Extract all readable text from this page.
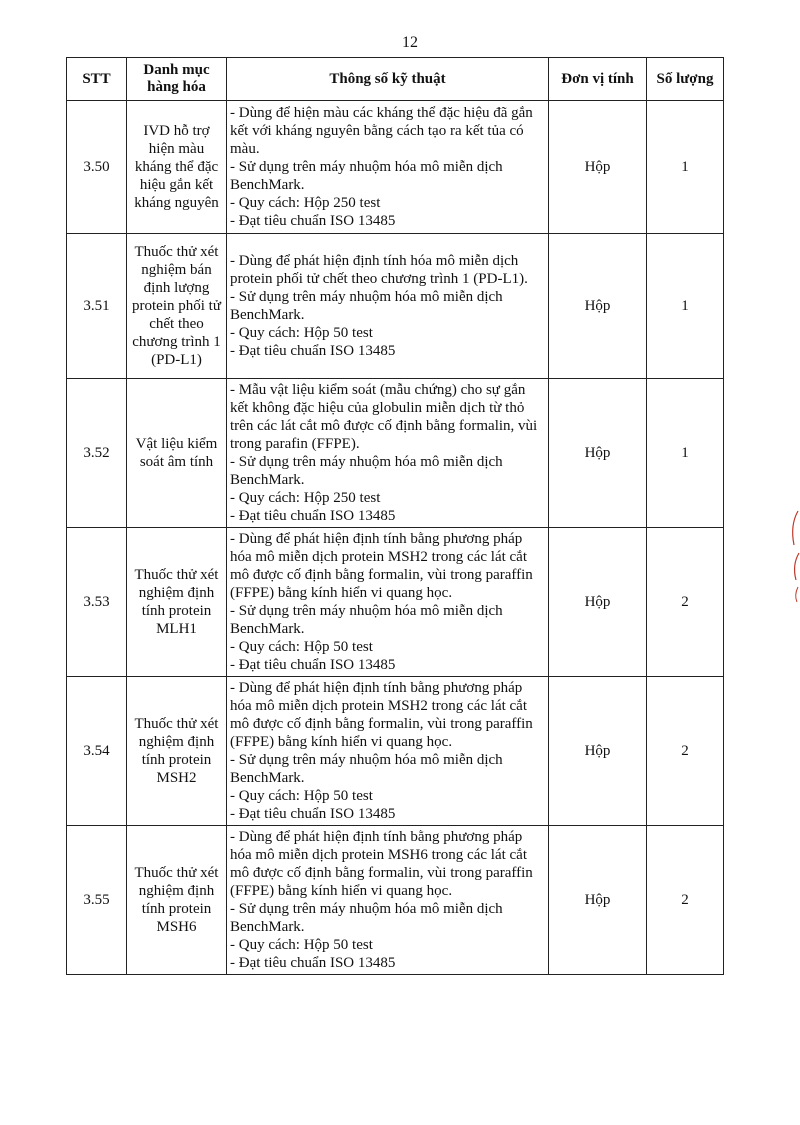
12
STT	Danh mục hàng hóa	Thông số kỹ thuật	Đơn vị tính	Số lượng
3.50	IVD hỗ trợ hiện màu kháng thể đặc hiệu gắn kết kháng nguyên	- Dùng để hiện màu các kháng thể đặc hiệu đã gắn kết với kháng nguyên bằng cách tạo ra kết tủa có màu.
- Sử dụng trên máy nhuộm hóa mô miễn dịch BenchMark.
- Quy cách: Hộp 250 test
- Đạt tiêu chuẩn ISO 13485	Hộp	1
3.51	Thuốc thử xét nghiệm bán định lượng protein phối tử chết theo chương trình 1 (PD-L1)	- Dùng để phát hiện định tính hóa mô miễn dịch protein phối tử chết theo chương trình 1 (PD-L1).
- Sử dụng trên máy nhuộm hóa mô miễn dịch BenchMark.
- Quy cách: Hộp 50 test
- Đạt tiêu chuẩn ISO 13485	Hộp	1
3.52	Vật liệu kiểm soát âm tính	- Mẫu vật liệu kiểm soát (mẫu chứng) cho sự gắn kết không đặc hiệu của globulin miễn dịch từ thỏ trên các lát cắt mô được cố định bằng formalin, vùi trong parafin (FFPE).
- Sử dụng trên máy nhuộm hóa mô miễn dịch BenchMark.
- Quy cách: Hộp 250 test
- Đạt tiêu chuẩn ISO 13485	Hộp	1
3.53	Thuốc thử xét nghiệm định tính protein MLH1	- Dùng để phát hiện định tính bằng phương pháp hóa mô miễn dịch protein MSH2 trong các lát cắt mô được cố định bằng formalin, vùi trong paraffin (FFPE) bằng kính hiển vi quang học.
- Sử dụng trên máy nhuộm hóa mô miễn dịch BenchMark.
- Quy cách: Hộp 50 test
- Đạt tiêu chuẩn ISO 13485	Hộp	2
3.54	Thuốc thử xét nghiệm định tính protein MSH2	- Dùng để phát hiện định tính bằng phương pháp hóa mô miễn dịch protein MSH2 trong các lát cắt mô được cố định bằng formalin, vùi trong paraffin (FFPE) bằng kính hiển vi quang học.
- Sử dụng trên máy nhuộm hóa mô miễn dịch BenchMark.
- Quy cách: Hộp 50 test
- Đạt tiêu chuẩn ISO 13485	Hộp	2
3.55	Thuốc thử xét nghiệm định tính protein MSH6	- Dùng để phát hiện định tính bằng phương pháp hóa mô miễn dịch protein MSH6 trong các lát cắt mô được cố định bằng formalin, vùi trong paraffin (FFPE) bằng kính hiển vi quang học.
- Sử dụng trên máy nhuộm hóa mô miễn dịch BenchMark.
- Quy cách: Hộp 50 test
- Đạt tiêu chuẩn ISO 13485	Hộp	2
